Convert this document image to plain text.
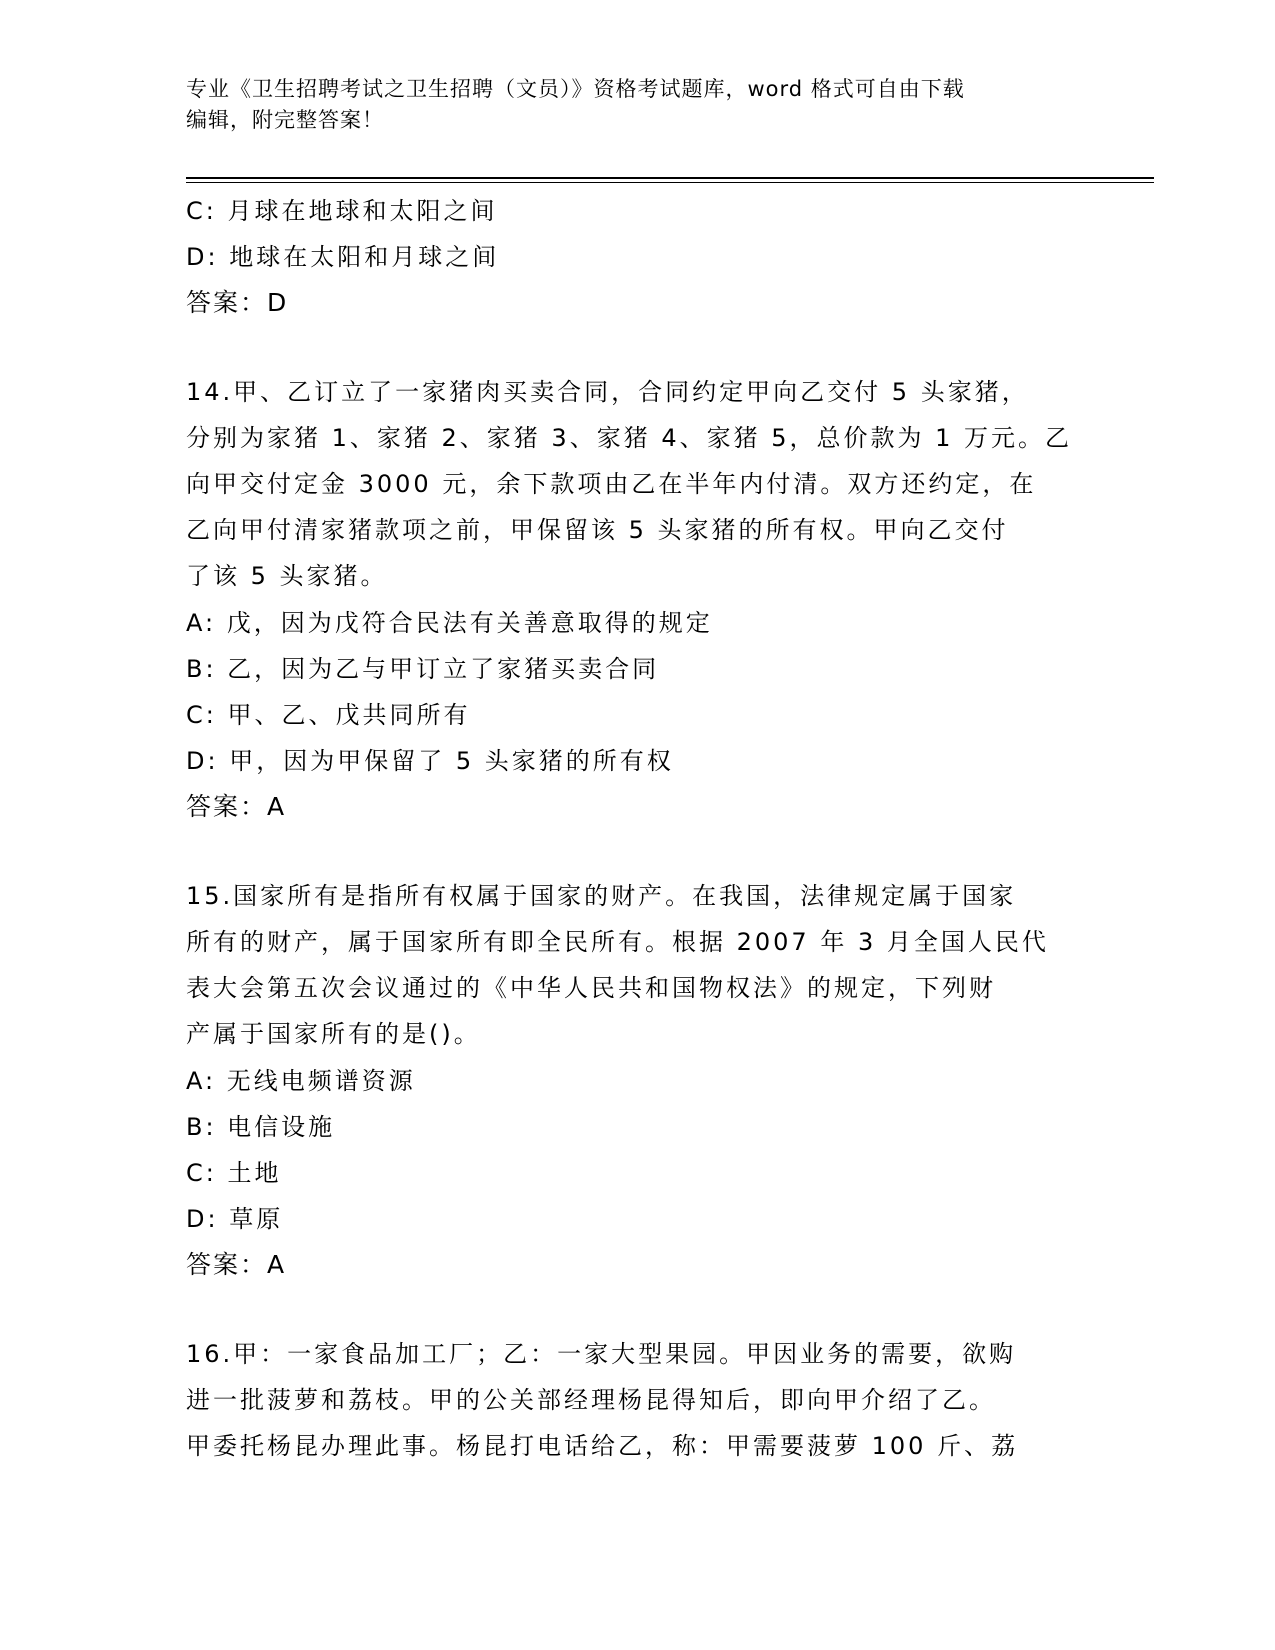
专业《卫生招聘考试之卫生招聘（文员）》资格考试题库，word 格式可自由下载
编辑，附完整答案！
C: 月球在地球和太阳之间
D: 地球在太阳和月球之间
答案：D
14.甲、乙订立了一家猪肉买卖合同，合同约定甲向乙交付 5 头家猪，
分别为家猪 1、家猪 2、家猪 3、家猪 4、家猪 5，总价款为 1 万元。乙
向甲交付定金 3000 元，余下款项由乙在半年内付清。双方还约定，在
乙向甲付清家猪款项之前，甲保留该 5 头家猪的所有权。甲向乙交付
了该 5 头家猪。
A: 戊，因为戊符合民法有关善意取得的规定
B: 乙，因为乙与甲订立了家猪买卖合同
C: 甲、乙、戊共同所有
D: 甲，因为甲保留了 5 头家猪的所有权
答案：A
15.国家所有是指所有权属于国家的财产。在我国，法律规定属于国家
所有的财产，属于国家所有即全民所有。根据 2007 年 3 月全国人民代
表大会第五次会议通过的《中华人民共和国物权法》的规定，下列财
产属于国家所有的是()。
A: 无线电频谱资源
B: 电信设施
C: 土地
D: 草原
答案：A
16.甲：一家食品加工厂；乙：一家大型果园。甲因业务的需要，欲购
进一批菠萝和荔枝。甲的公关部经理杨昆得知后，即向甲介绍了乙。
甲委托杨昆办理此事。杨昆打电话给乙，称：甲需要菠萝 100 斤、荔
